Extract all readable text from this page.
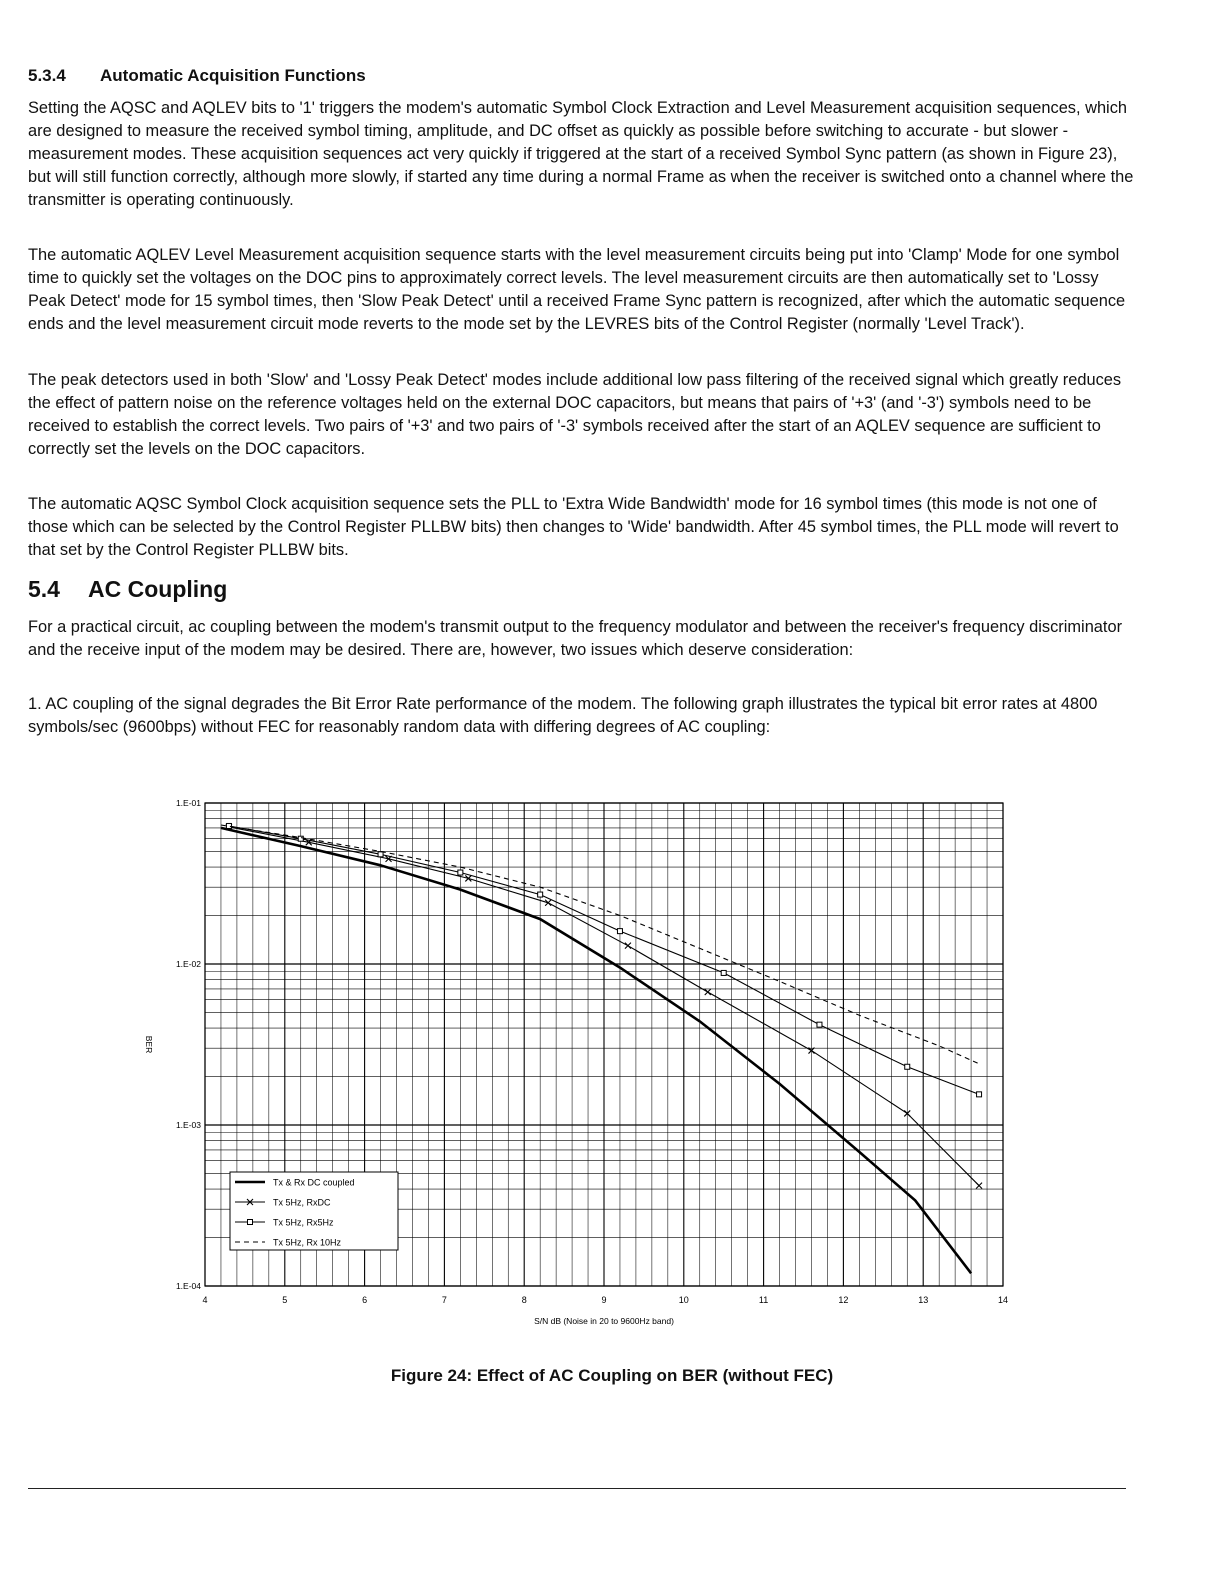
5.3.4 Automatic Acquisition Functions

Setting the AQSC and AQLEV bits to '1' triggers the modem's automatic Symbol Clock Extraction and Level Measurement acquisition sequences, which are designed to measure the received symbol timing, amplitude, and DC offset as quickly as possible before switching to accurate - but slower - measurement modes. These acquisition sequences act very quickly if triggered at the start of a received Symbol Sync pattern (as shown in Figure 23), but will still function correctly, although more slowly, if started any time during a normal Frame as when the receiver is switched onto a channel where the transmitter is operating continuously.

The automatic AQLEV Level Measurement acquisition sequence starts with the level measurement circuits being put into 'Clamp' Mode for one symbol time to quickly set the voltages on the DOC pins to approximately correct levels. The level measurement circuits are then automatically set to 'Lossy Peak Detect' mode for 15 symbol times, then 'Slow Peak Detect' until a received Frame Sync pattern is recognized, after which the automatic sequence ends and the level measurement circuit mode reverts to the mode set by the LEVRES bits of the Control Register (normally 'Level Track').

The peak detectors used in both 'Slow' and 'Lossy Peak Detect' modes include additional low pass filtering of the received signal which greatly reduces the effect of pattern noise on the reference voltages held on the external DOC capacitors, but means that pairs of '+3' (and '-3') symbols need to be received to establish the correct levels. Two pairs of '+3' and two pairs of '-3' symbols received after the start of an AQLEV sequence are sufficient to correctly set the levels on the DOC capacitors.

The automatic AQSC Symbol Clock acquisition sequence sets the PLL to 'Extra Wide Bandwidth' mode for 16 symbol times (this mode is not one of those which can be selected by the Control Register PLLBW bits) then changes to 'Wide' bandwidth. After 45 symbol times, the PLL mode will revert to that set by the Control Register PLLBW bits.

5.4 AC Coupling

For a practical circuit, ac coupling between the modem's transmit output to the frequency modulator and between the receiver's frequency discriminator and the receive input of the modem may be desired. There are, however, two issues which deserve consideration:

1. AC coupling of the signal degrades the Bit Error Rate performance of the modem. The following graph illustrates the typical bit error rates at 4800 symbols/sec (9600bps) without FEC for reasonably random data with differing degrees of AC coupling:

4	5	6	7	8	9	10	11	12	13	14
1.E-01
1.E-02
1.E-03
1.E-04
S/N dB (Noise in 20 to 9600Hz band)
BER
Tx & Rx DC coupled
Tx 5Hz, RxDC
Tx 5Hz, Rx5Hz
Tx 5Hz, Rx 10Hz

Figure 24: Effect of AC Coupling on BER (without FEC)
